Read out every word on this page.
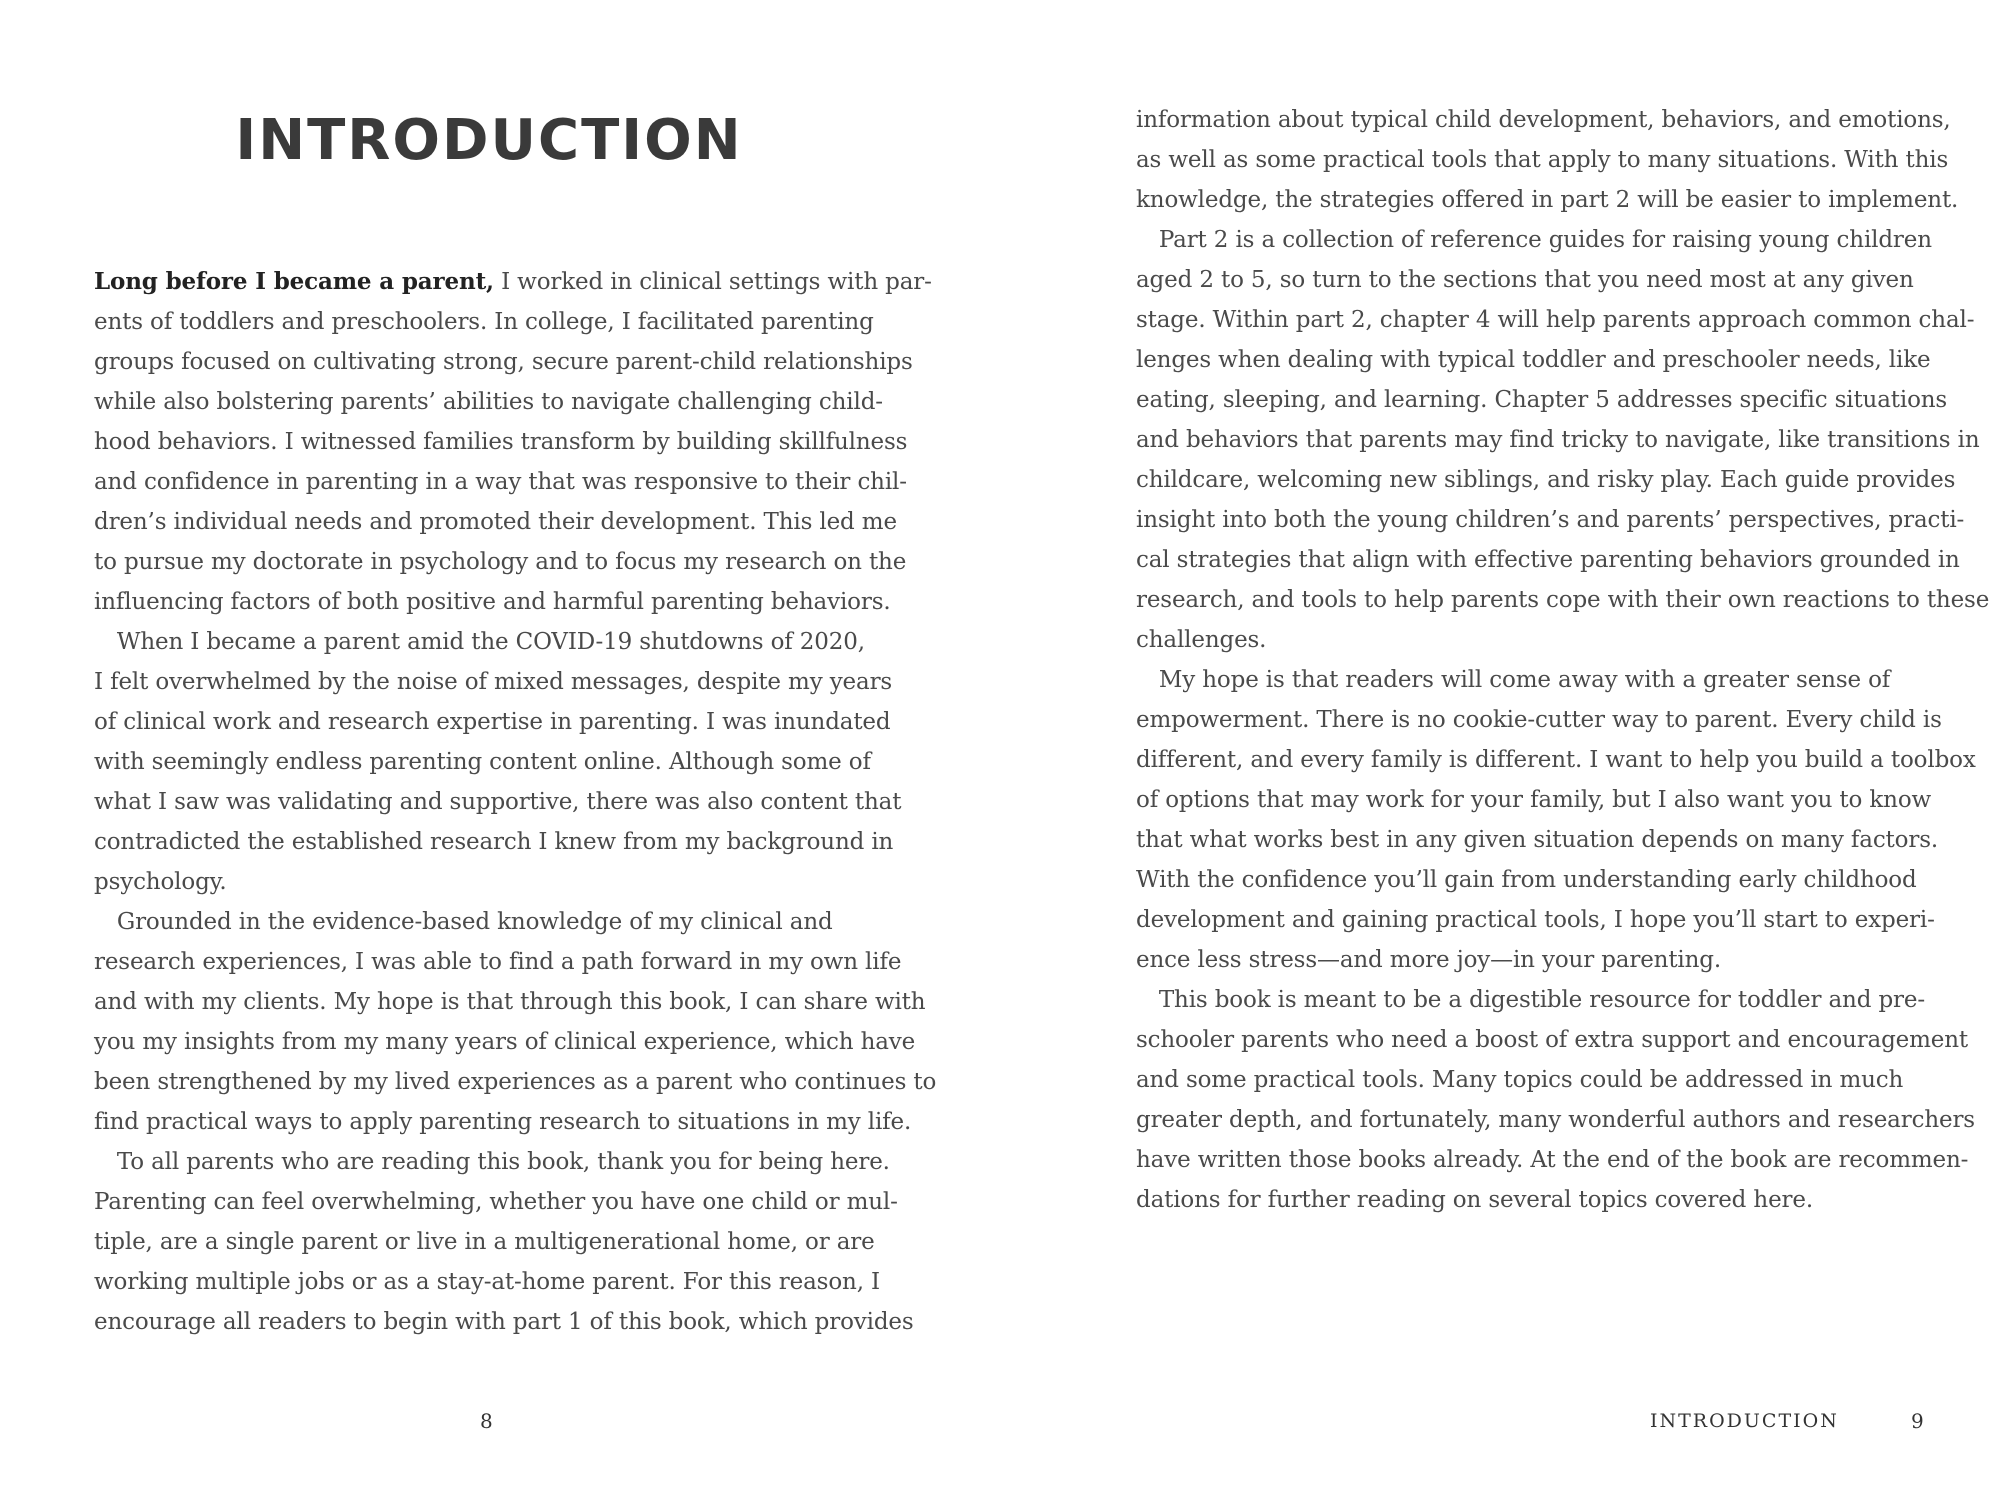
INTRODUCTION
Long before I became a parent, I worked in clinical settings with par-
ents of toddlers and preschoolers. In college, I facilitated parenting
groups focused on cultivating strong, secure parent-child relationships
while also bolstering parents’ abilities to navigate challenging child-
hood behaviors. I witnessed families transform by building skillfulness
and confidence in parenting in a way that was responsive to their chil-
dren’s individual needs and promoted their development. This led me
to pursue my doctorate in psychology and to focus my research on the
influencing factors of both positive and harmful parenting behaviors.
 When I became a parent amid the COVID-19 shutdowns of 2020,
I felt overwhelmed by the noise of mixed messages, despite my years
of clinical work and research expertise in parenting. I was inundated
with seemingly endless parenting content online. Although some of
what I saw was validating and supportive, there was also content that
contradicted the established research I knew from my background in
psychology.
 Grounded in the evidence-based knowledge of my clinical and
research experiences, I was able to find a path forward in my own life
and with my clients. My hope is that through this book, I can share with
you my insights from my many years of clinical experience, which have
been strengthened by my lived experiences as a parent who continues to
find practical ways to apply parenting research to situations in my life.
 To all parents who are reading this book, thank you for being here.
Parenting can feel overwhelming, whether you have one child or mul-
tiple, are a single parent or live in a multigenerational home, or are
working multiple jobs or as a stay-at-home parent. For this reason, I
encourage all readers to begin with part 1 of this book, which provides
8
information about typical child development, behaviors, and emotions,
as well as some practical tools that apply to many situations. With this
knowledge, the strategies offered in part 2 will be easier to implement.
 Part 2 is a collection of reference guides for raising young children
aged 2 to 5, so turn to the sections that you need most at any given
stage. Within part 2, chapter 4 will help parents approach common chal-
lenges when dealing with typical toddler and preschooler needs, like
eating, sleeping, and learning. Chapter 5 addresses specific situations
and behaviors that parents may find tricky to navigate, like transitions in
childcare, welcoming new siblings, and risky play. Each guide provides
insight into both the young children’s and parents’ perspectives, practi-
cal strategies that align with effective parenting behaviors grounded in
research, and tools to help parents cope with their own reactions to these
challenges.
 My hope is that readers will come away with a greater sense of
empowerment. There is no cookie-cutter way to parent. Every child is
different, and every family is different. I want to help you build a toolbox
of options that may work for your family, but I also want you to know
that what works best in any given situation depends on many factors.
With the confidence you’ll gain from understanding early childhood
development and gaining practical tools, I hope you’ll start to experi-
ence less stress—and more joy—in your parenting.
 This book is meant to be a digestible resource for toddler and pre-
schooler parents who need a boost of extra support and encouragement
and some practical tools. Many topics could be addressed in much
greater depth, and fortunately, many wonderful authors and researchers
have written those books already. At the end of the book are recommen-
dations for further reading on several topics covered here.
INTRODUCTION	9
